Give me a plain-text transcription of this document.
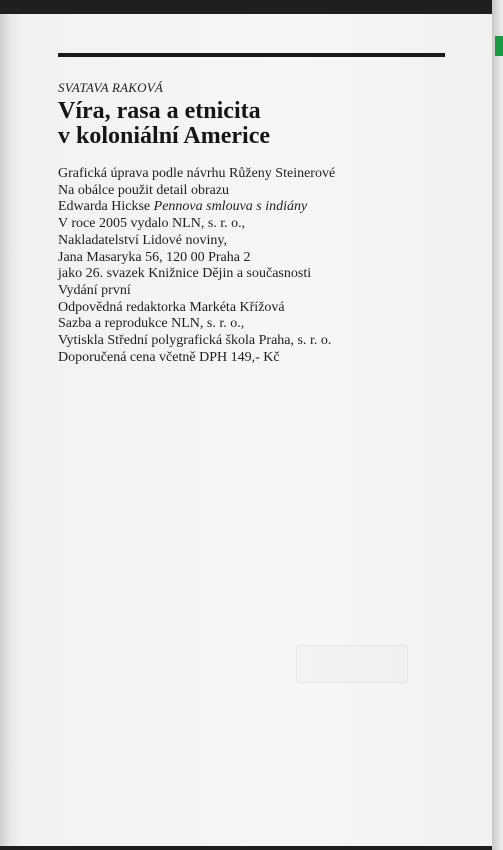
SVATAVA RAKOVÁ
Víra, rasa a etnicita
v koloniální Americe
Grafická úprava podle návrhu Růženy Steinerové
Na obálce použit detail obrazu
Edwarda Hickse Pennova smlouva s indiány
V roce 2005 vydalo NLN, s. r. o.,
Nakladatelství Lidové noviny,
Jana Masaryka 56, 120 00 Praha 2
jako 26. svazek Knižnice Dějin a současnosti
Vydání první
Odpovědná redaktorka Markéta Křížová
Sazba a reprodukce NLN, s. r. o.,
Vytiskla Střední polygrafická škola Praha, s. r. o.
Doporučená cena včetně DPH 149,- Kč
